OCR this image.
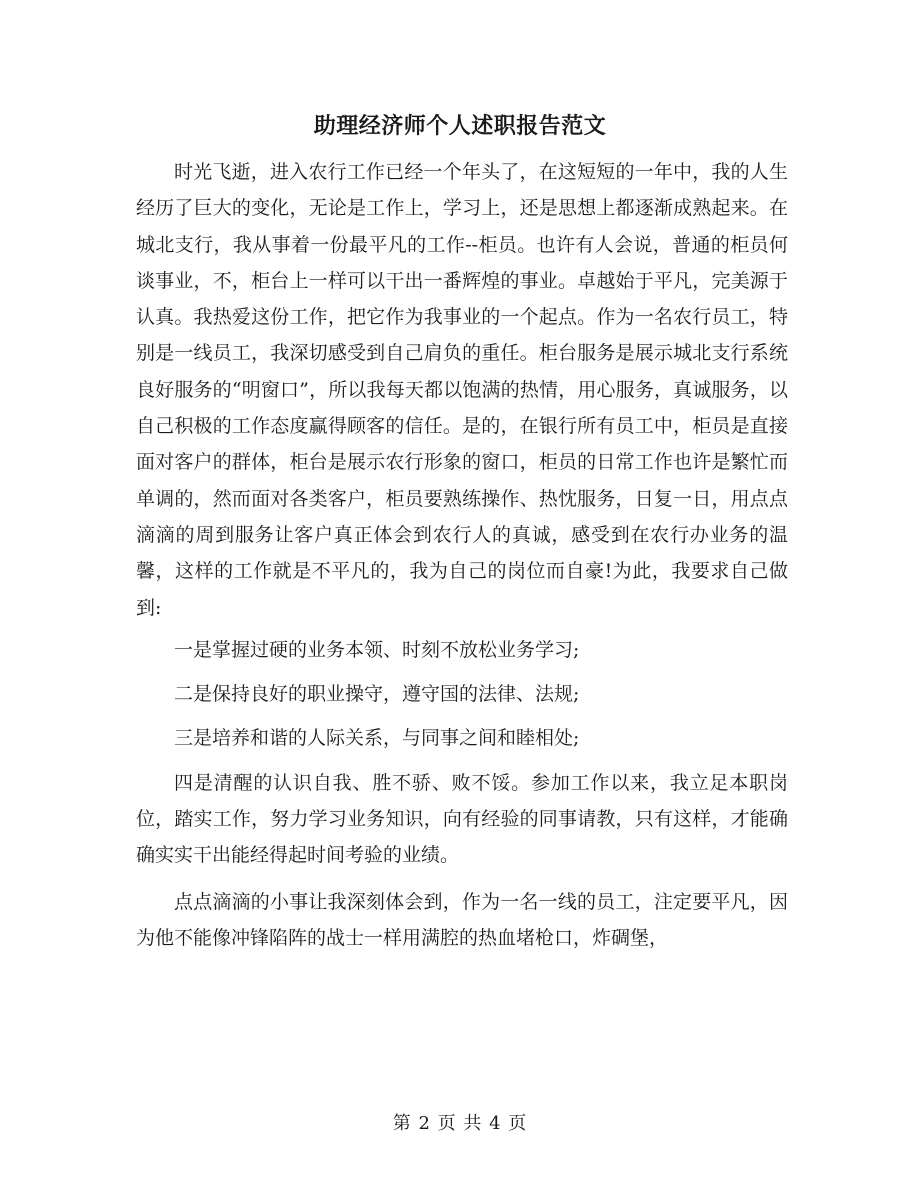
助理经济师个人述职报告范文

时光飞逝，进入农行工作已经一个年头了，在这短短的一年中，我的人生经历了巨大的变化，无论是工作上，学习上，还是思想上都逐渐成熟起来。在城北支行，我从事着一份最平凡的工作--柜员。也许有人会说，普通的柜员何谈事业，不，柜台上一样可以干出一番辉煌的事业。卓越始于平凡，完美源于认真。我热爱这份工作，把它作为我事业的一个起点。作为一名农行员工，特别是一线员工，我深切感受到自己肩负的重任。柜台服务是展示城北支行系统良好服务的“明窗口”，所以我每天都以饱满的热情，用心服务，真诚服务，以自己积极的工作态度赢得顾客的信任。是的，在银行所有员工中，柜员是直接面对客户的群体，柜台是展示农行形象的窗口，柜员的日常工作也许是繁忙而单调的，然而面对各类客户，柜员要熟练操作、热忱服务，日复一日，用点点滴滴的周到服务让客户真正体会到农行人的真诚，感受到在农行办业务的温馨，这样的工作就是不平凡的，我为自己的岗位而自豪!为此，我要求自己做到:

一是掌握过硬的业务本领、时刻不放松业务学习;

二是保持良好的职业操守，遵守国的法律、法规;

三是培养和谐的人际关系，与同事之间和睦相处;

四是清醒的认识自我、胜不骄、败不馁。参加工作以来，我立足本职岗位，踏实工作，努力学习业务知识，向有经验的同事请教，只有这样，才能确确实实干出能经得起时间考验的业绩。

点点滴滴的小事让我深刻体会到，作为一名一线的员工，注定要平凡，因为他不能像冲锋陷阵的战士一样用满腔的热血堵枪口，炸碉堡，

第 2 页 共 4 页
